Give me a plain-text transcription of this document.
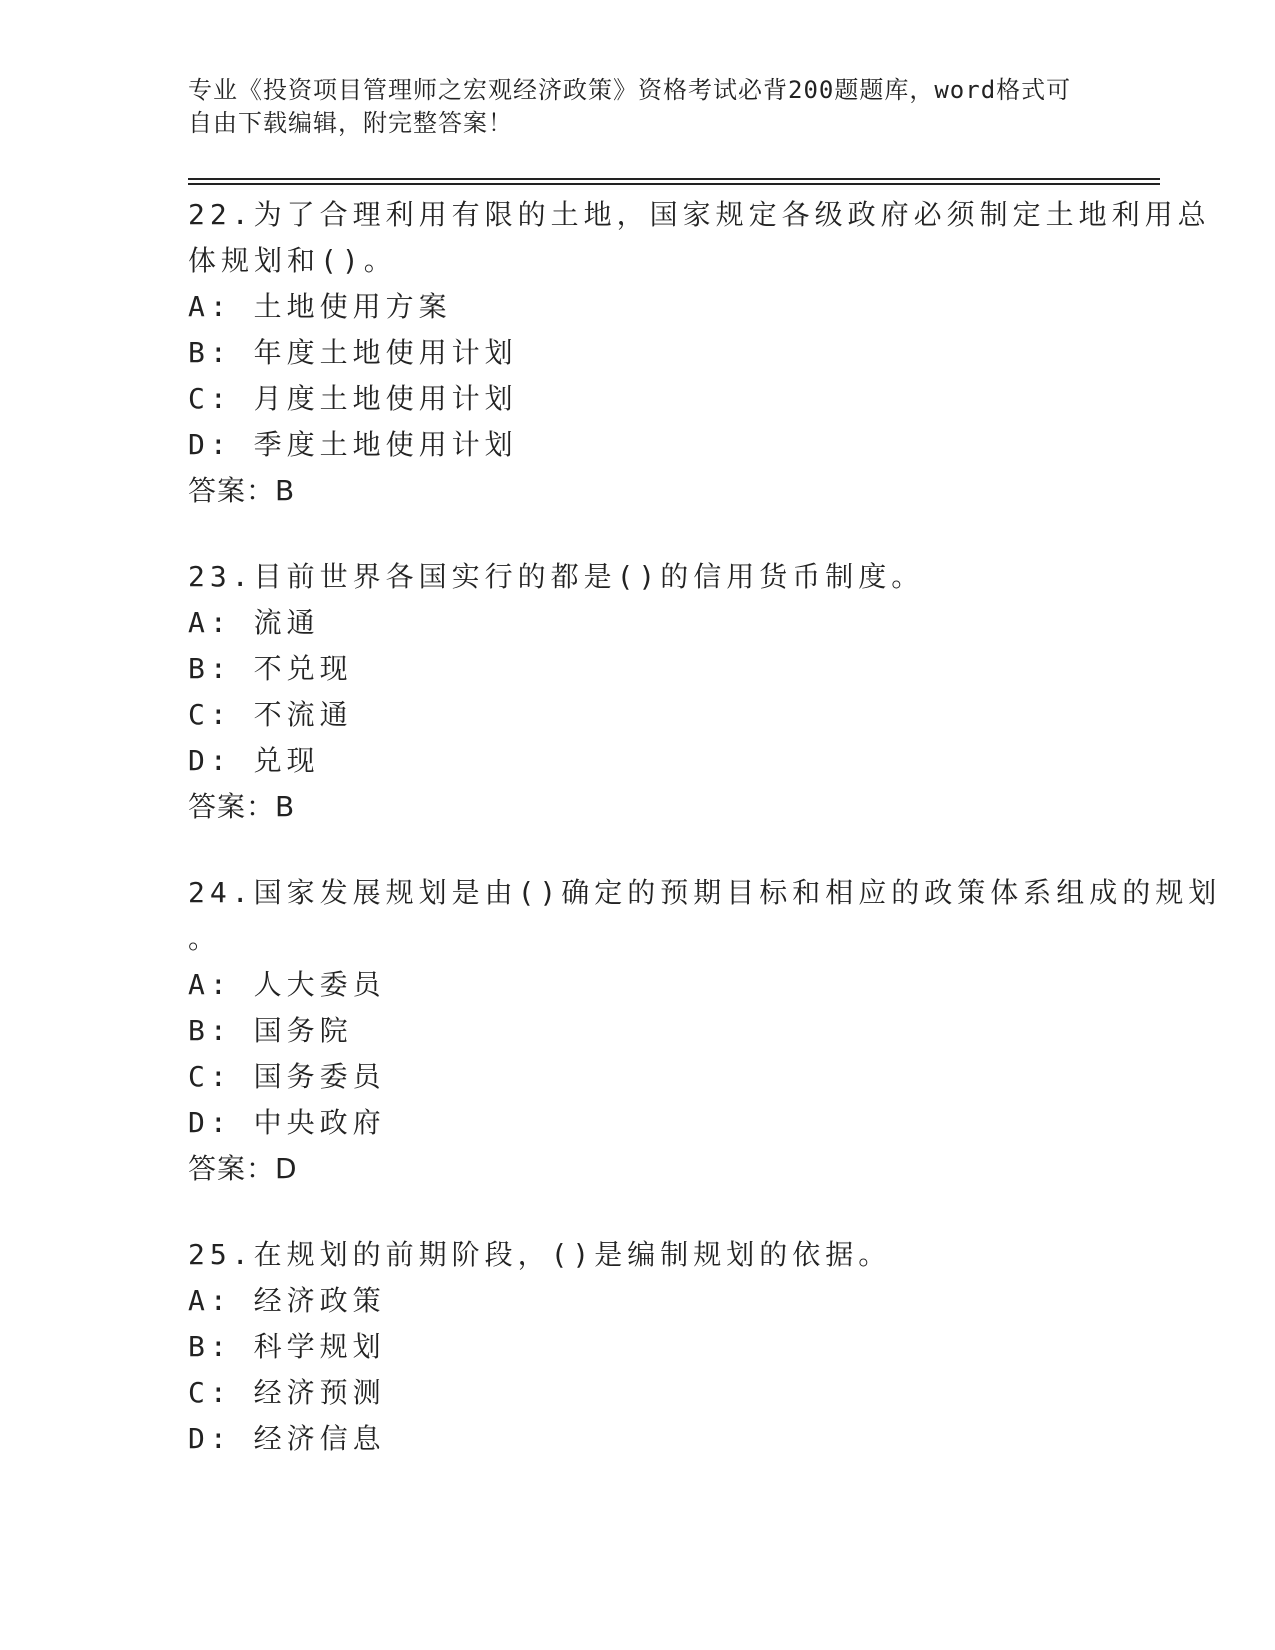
专业《投资项目管理师之宏观经济政策》资格考试必背200题题库，word格式可
自由下载编辑，附完整答案！
22.为了合理利用有限的土地，国家规定各级政府必须制定土地利用总
体规划和()。
A: 土地使用方案
B: 年度土地使用计划
C: 月度土地使用计划
D: 季度土地使用计划
答案：B
23.目前世界各国实行的都是()的信用货币制度。
A: 流通
B: 不兑现
C: 不流通
D: 兑现
答案：B
24.国家发展规划是由()确定的预期目标和相应的政策体系组成的规划
。
A: 人大委员
B: 国务院
C: 国务委员
D: 中央政府
答案：D
25.在规划的前期阶段，()是编制规划的依据。
A: 经济政策
B: 科学规划
C: 经济预测
D: 经济信息
